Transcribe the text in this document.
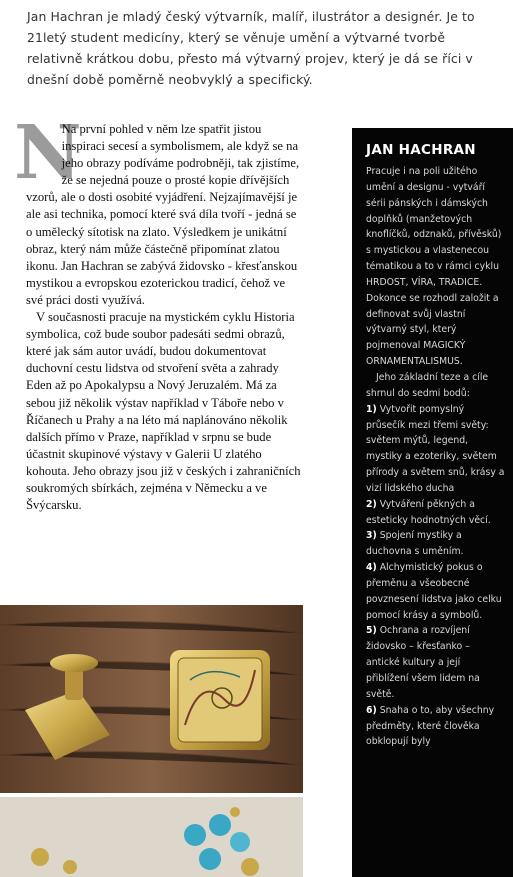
Jan Hachran je mladý český výtvarník, malíř, ilustrátor a designér. Je to 21letý student medicíny, který se věnuje umění a výtvarné tvorbě relativně krátkou dobu, přesto má výtvarný projev, který je dá se říci v dnešní době poměrně neobvyklý a specifický.

N

Na první pohled v něm lze spatřit jistou inspiraci secesí a symbolismem, ale když se na jeho obrazy podíváme podrobněji, tak zjistíme, že se nejedná pouze o prosté kopie dřívějších vzorů, ale o dosti osobité vyjádření. Nejzajímavější je ale asi technika, pomocí které svá díla tvoří - jedná se o umělecký sítotisk na zlato. Výsledkem je unikátní obraz, který nám může částečně připomínat zlatou ikonu. Jan Hachran se zabývá židovsko - křesťanskou mystikou a evropskou ezoterickou tradicí, čehož ve své práci dosti využívá.

V současnosti pracuje na mystickém cyklu Historia symbolica, což bude soubor padesáti sedmi obrazů, které jak sám autor uvádí, budou dokumentovat duchovní cestu lidstva od stvoření světa a zahrady Eden až po Apokalypsu a Nový Jeruzalém. Má za sebou již několik výstav například v Táboře nebo v Říčanech u Prahy a na léto má naplánováno několik dalších přímo v Praze, například v srpnu se bude účastnit skupinové výstavy v Galerii U zlatého kohouta. Jeho obrazy jsou již v českých i zahraničních soukromých sbírkách, zejména v Německu a ve Švýcarsku.

JAN HACHRAN

Pracuje i na poli užitého umění a designu - vytváří sérii pánských i dámských doplňků (manžetových knoflíčků, odznaků, přívěsků) s mystickou a vlastenecou tématikou a to v rámci cyklu HRDOST, VÍRA, TRADICE. Dokonce se rozhodl založit a definovat svůj vlastní výtvarný styl, který pojmenoval MAGICKÝ ORNAMENTALISMUS.

Jeho základní teze a cíle shrnul do sedmi bodů:

1) Vytvořit pomyslný průsečík mezi třemi světy: světem mýtů, legend, mystiky a ezoteriky, světem přírody a světem snů, krásy a vizí lidského ducha

2) Vytváření pěkných a esteticky hodnotných věcí.

3) Spojení mystiky a duchovna s uměním.

4) Alchymistický pokus o přeměnu a všeobecné povznesení lidstva jako celku pomocí krásy a symbolů.

5) Ochrana a rozvíjení židovsko – křesťanko – antické kultury a její přiblížení všem lidem na světě.

6) Snaha o to, aby všechny předměty, které člověka obklopují byly
